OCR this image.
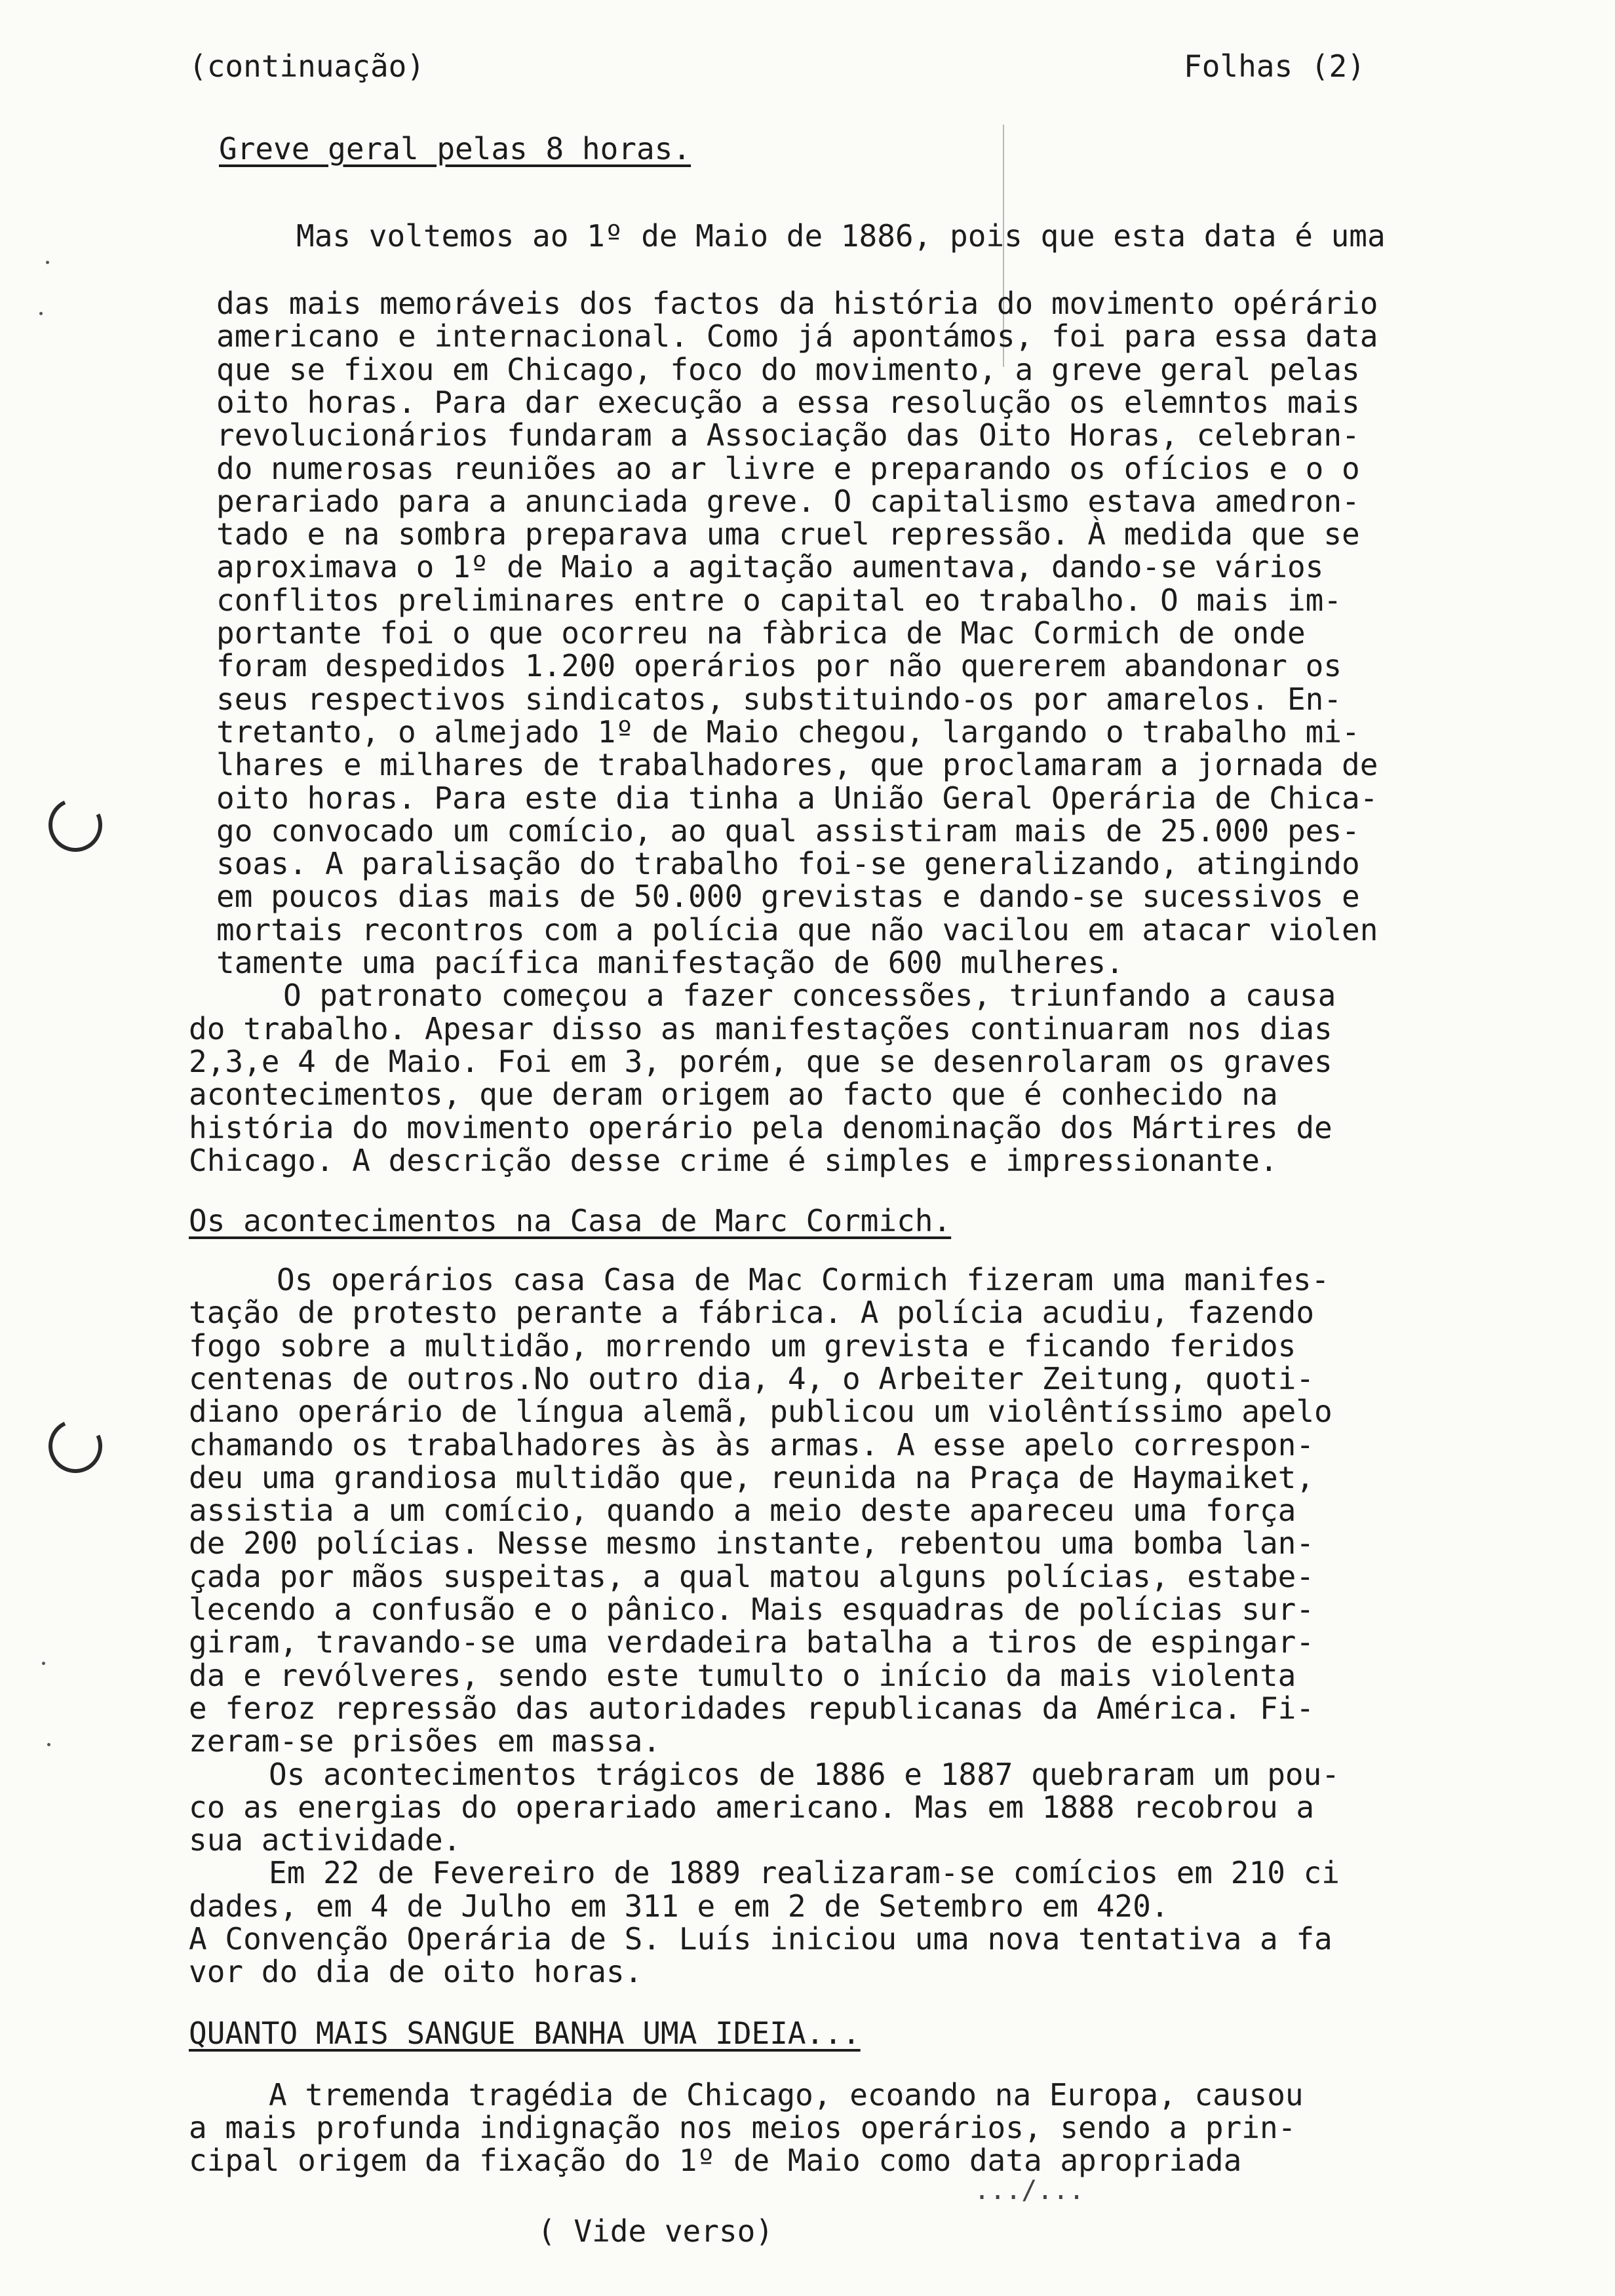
(continuação)	Folhas (2)
Greve geral pelas 8 horas.
Mas voltemos ao 1º de Maio de 1886, pois que esta data é uma
das mais memoráveis dos factos da história do movimento opérário
americano e internacional. Como já apontámos, foi para essa data
que se fixou em Chicago, foco do movimento, a greve geral pelas
oito horas. Para dar execução a essa resolução os elemntos mais
revolucionários fundaram a Associação das Oito Horas, celebran-
do numerosas reuniões ao ar livre e preparando os ofícios e o o
perariado para a anunciada greve. O capitalismo estava amedron-
tado e na sombra preparava uma cruel repressão. À medida que se
aproximava o 1º de Maio a agitação aumentava, dando-se vários
conflitos preliminares entre o capital eo trabalho. O mais im-
portante foi o que ocorreu na fàbrica de Mac Cormich de onde
foram despedidos 1.200 operários por não quererem abandonar os
seus respectivos sindicatos, substituindo-os por amarelos. En-
tretanto, o almejado 1º de Maio chegou, largando o trabalho mi-
lhares e milhares de trabalhadores, que proclamaram a jornada de
oito horas. Para este dia tinha a União Geral Operária de Chica-
go convocado um comício, ao qual assistiram mais de 25.000 pes-
soas. A paralisação do trabalho foi-se generalizando, atingindo
em poucos dias mais de 50.000 grevistas e dando-se sucessivos e
mortais recontros com a polícia que não vacilou em atacar violen
tamente uma pacífica manifestação de 600 mulheres.
O patronato começou a fazer concessões, triunfando a causa
do trabalho. Apesar disso as manifestações continuaram nos dias
2,3,e 4 de Maio. Foi em 3, porém, que se desenrolaram os graves
acontecimentos, que deram origem ao facto que é conhecido na
história do movimento operário pela denominação dos Mártires de
Chicago. A descrição desse crime é simples e impressionante.
Os acontecimentos na Casa de Marc Cormich.
Os operários casa Casa de Mac Cormich fizeram uma manifes-
tação de protesto perante a fábrica. A polícia acudiu, fazendo
fogo sobre a multidão, morrendo um grevista e ficando feridos
centenas de outros.No outro dia, 4, o Arbeiter Zeitung, quoti-
diano operário de língua alemã, publicou um violêntíssimo apelo
chamando os trabalhadores às às armas. A esse apelo correspon-
deu uma grandiosa multidão que, reunida na Praça de Haymaiket,
assistia a um comício, quando a meio deste apareceu uma força
de 200 polícias. Nesse mesmo instante, rebentou uma bomba lan-
çada por mãos suspeitas, a qual matou alguns polícias, estabe-
lecendo a confusão e o pânico. Mais esquadras de polícias sur-
giram, travando-se uma verdadeira batalha a tiros de espingar-
da e revólveres, sendo este tumulto o início da mais violenta
e feroz repressão das autoridades republicanas da América. Fi-
zeram-se prisões em massa.
Os acontecimentos trágicos de 1886 e 1887 quebraram um pou-
co as energias do operariado americano. Mas em 1888 recobrou a
sua actividade.
Em 22 de Fevereiro de 1889 realizaram-se comícios em 210 ci
dades, em 4 de Julho em 311 e em 2 de Setembro em 420.
A Convenção Operária de S. Luís iniciou uma nova tentativa a fa
vor do dia de oito horas.
QUANTO MAIS SANGUE BANHA UMA IDEIA...
A tremenda tragédia de Chicago, ecoando na Europa, causou
a mais profunda indignação nos meios operários, sendo a prin-
cipal origem da fixação do 1º de Maio como data apropriada
.../...
( Vide verso)
